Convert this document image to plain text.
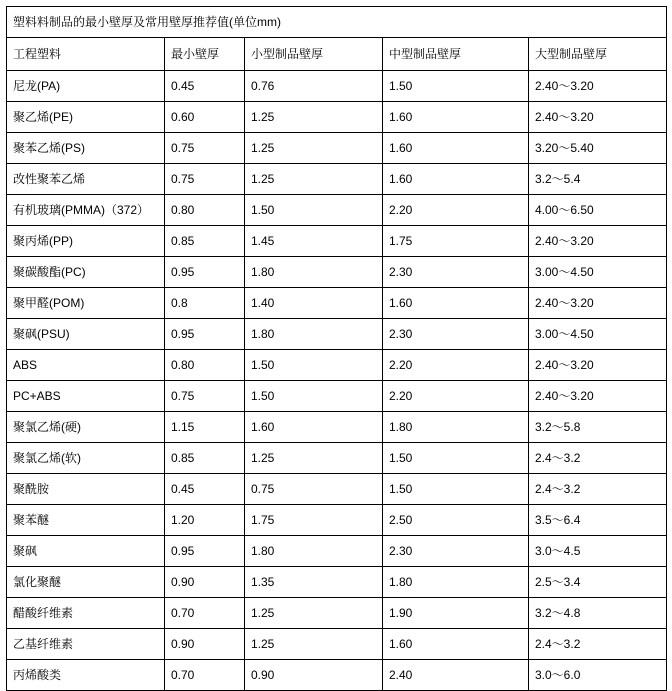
塑料料制品的最小壁厚及常用壁厚推荐值(单位mm)				
工程塑料	最小壁厚	小型制品壁厚	中型制品壁厚	大型制品壁厚
尼龙(PA)	0.45	0.76	1.50	2.40～3.20
聚乙烯(PE)	0.60	1.25	1.60	2.40～3.20
聚苯乙烯(PS)	0.75	1.25	1.60	3.20～5.40
改性聚苯乙烯	0.75	1.25	1.60	3.2～5.4
有机玻璃(PMMA)（372）	0.80	1.50	2.20	4.00～6.50
聚丙烯(PP)	0.85	1.45	1.75	2.40～3.20
聚碳酸酯(PC)	0.95	1.80	2.30	3.00～4.50
聚甲醛(POM)	0.8	1.40	1.60	2.40～3.20
聚砜(PSU)	0.95	1.80	2.30	3.00～4.50
ABS	0.80	1.50	2.20	2.40～3.20
PC+ABS	0.75	1.50	2.20	2.40～3.20
聚氯乙烯(硬)	1.15	1.60	1.80	3.2～5.8
聚氯乙烯(软)	0.85	1.25	1.50	2.4～3.2
聚酰胺	0.45	0.75	1.50	2.4～3.2
聚苯醚	1.20	1.75	2.50	3.5～6.4
聚砜	0.95	1.80	2.30	3.0～4.5
氯化聚醚	0.90	1.35	1.80	2.5～3.4
醋酸纤维素	0.70	1.25	1.90	3.2～4.8
乙基纤维素	0.90	1.25	1.60	2.4～3.2
丙烯酸类	0.70	0.90	2.40	3.0～6.0
